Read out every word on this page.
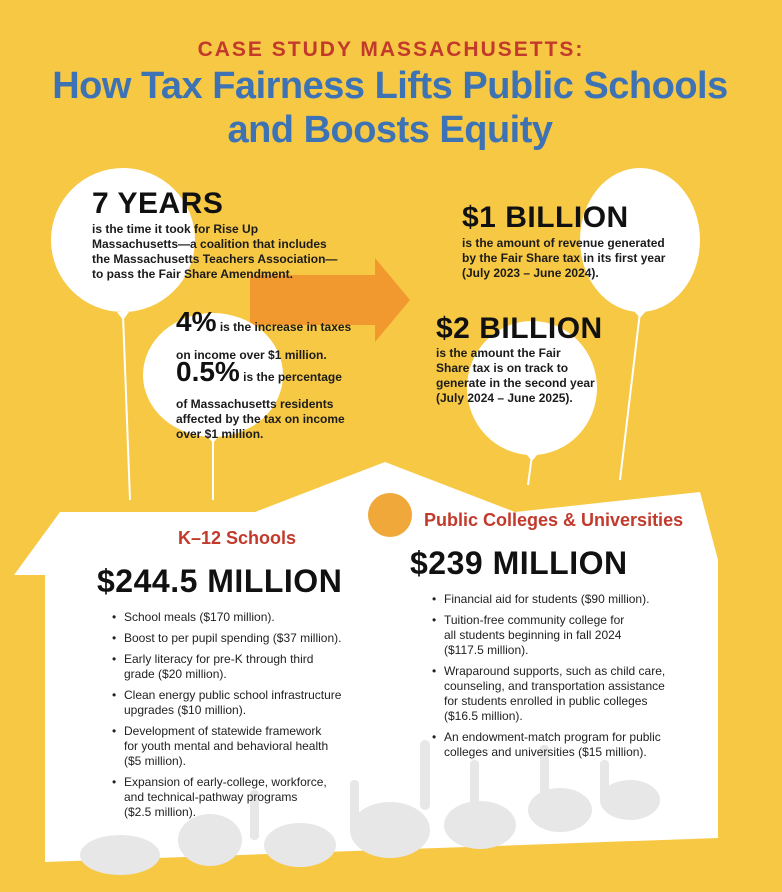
CASE STUDY MASSACHUSETTS:
How Tax Fairness Lifts Public Schools
and Boosts Equity
7 YEARS
is the time it took for Rise Up
Massachusetts—a coalition that includes
the Massachusetts Teachers Association—
to pass the Fair Share Amendment.
4% is the increase in taxes
on income over $1 million.
0.5% is the percentage
of Massachusetts residents
affected by the tax on income
over $1 million.
$1 BILLION
is the amount of revenue generated
by the Fair Share tax in its first year
(July 2023 – June 2024).
$2 BILLION
is the amount the Fair
Share tax is on track to
generate in the second year
(July 2024 – June 2025).
K–12 Schools
$244.5 MILLION
• School meals ($170 million).
• Boost to per pupil spending ($37 million).
• Early literacy for pre-K through third
grade ($20 million).
• Clean energy public school infrastructure
upgrades ($10 million).
• Development of statewide framework
for youth mental and behavioral health
($5 million).
• Expansion of early-college, workforce,
and technical-pathway programs
($2.5 million).
Public Colleges & Universities
$239 MILLION
• Financial aid for students ($90 million).
• Tuition-free community college for
all students beginning in fall 2024
($117.5 million).
• Wraparound supports, such as child care,
counseling, and transportation assistance
for students enrolled in public colleges
($16.5 million).
• An endowment-match program for public
colleges and universities ($15 million).
